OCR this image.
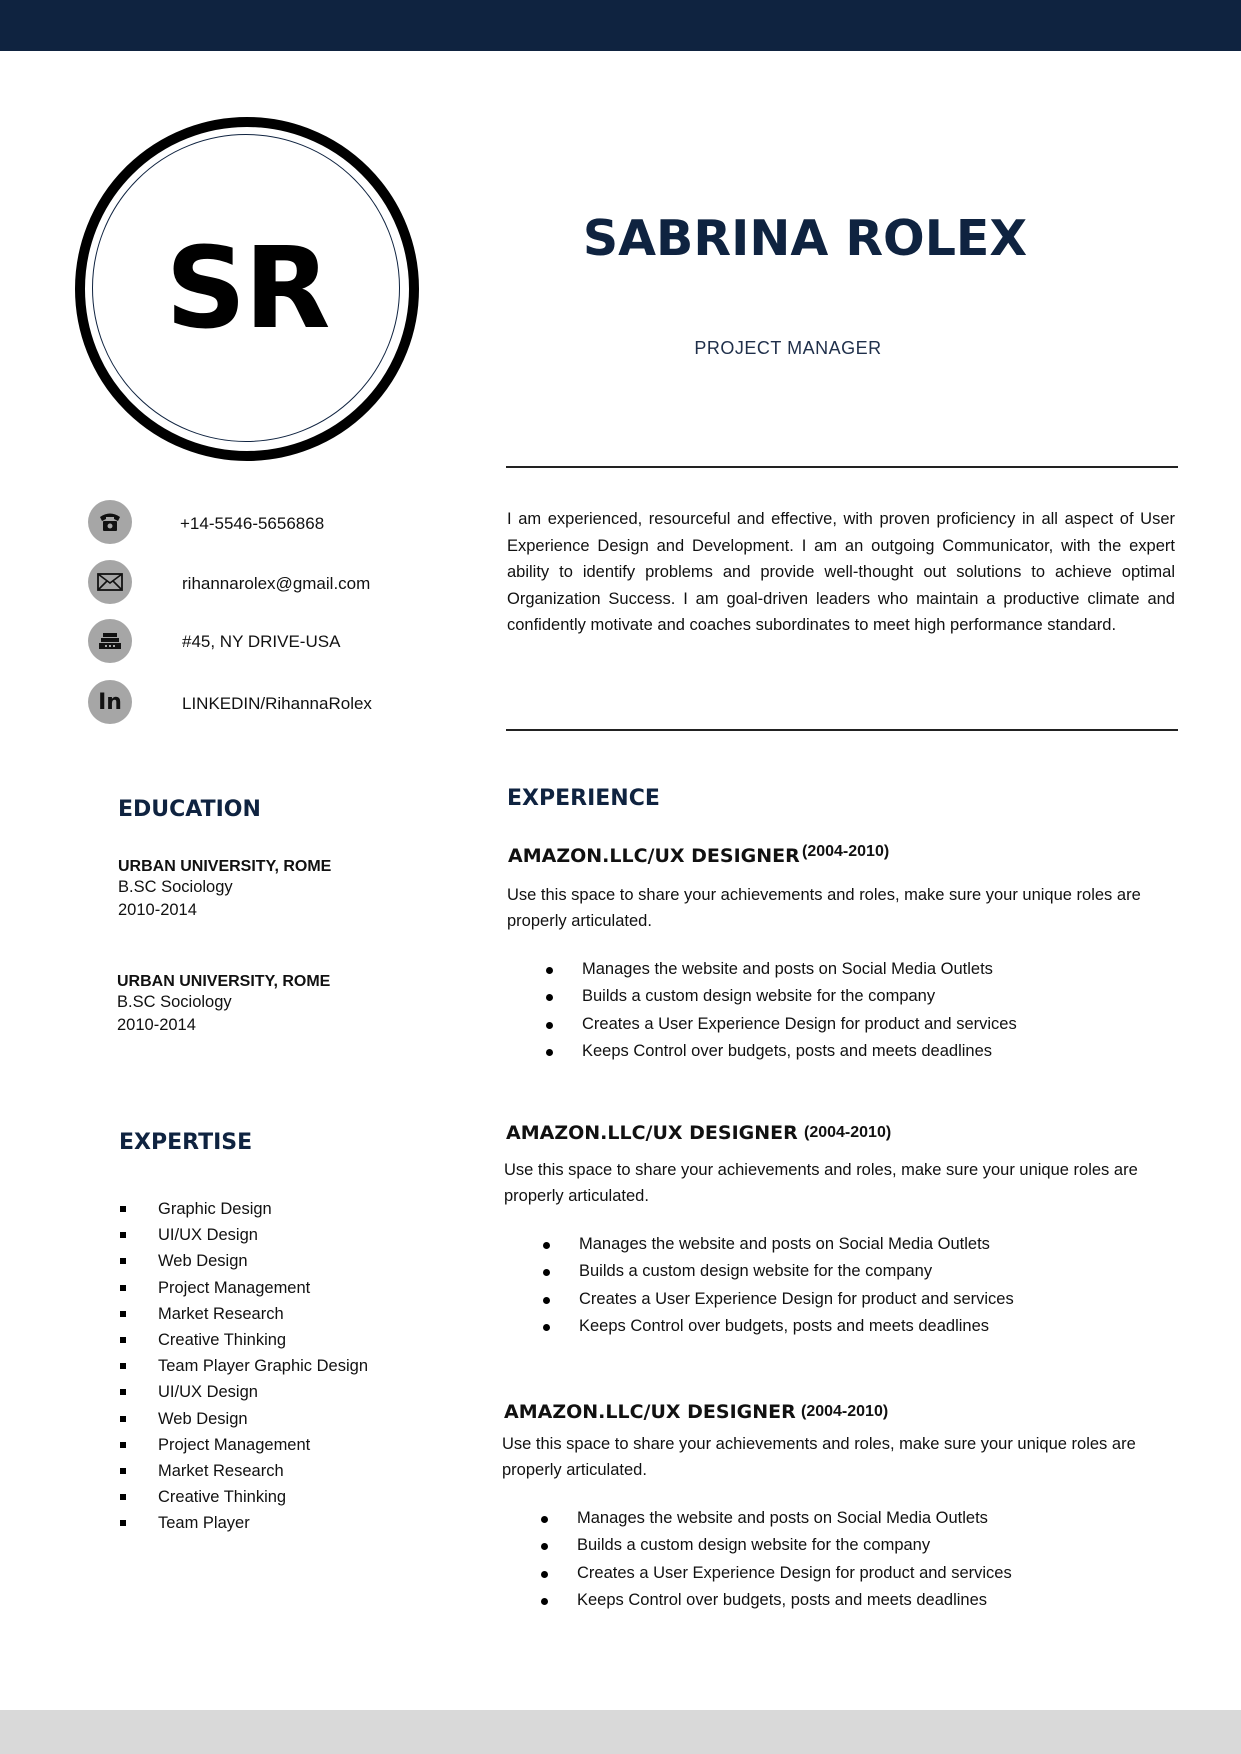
SR	SABRINA ROLEX
PROJECT MANAGER
+14-5546-5656868
rihannarolex@gmail.com
#45, NY DRIVE-USA
In	LINKEDIN/RihannaRolex
I am experienced, resourceful and effective, with proven proficiency in all aspect of User Experience Design and Development. I am an outgoing Communicator, with the expert ability to identify problems and provide well-thought out solutions to achieve optimal Organization Success. I am goal-driven leaders who maintain a productive climate and confidently motivate and coaches subordinates to meet high performance standard.
EDUCATION
URBAN UNIVERSITY, ROME
B.SC Sociology
2010-2014
URBAN UNIVERSITY, ROME
B.SC Sociology
2010-2014
EXPERTISE
Graphic Design
UI/UX Design
Web Design
Project Management
Market Research
Creative Thinking
Team Player Graphic Design
UI/UX Design
Web Design
Project Management
Market Research
Creative Thinking
Team Player
EXPERIENCE
AMAZON.LLC/UX DESIGNER (2004-2010)
Use this space to share your achievements and roles, make sure your unique roles are properly articulated.
Manages the website and posts on Social Media Outlets
Builds a custom design website for the company
Creates a User Experience Design for product and services
Keeps Control over budgets, posts and meets deadlines
AMAZON.LLC/UX DESIGNER (2004-2010)
Use this space to share your achievements and roles, make sure your unique roles are properly articulated.
Manages the website and posts on Social Media Outlets
Builds a custom design website for the company
Creates a User Experience Design for product and services
Keeps Control over budgets, posts and meets deadlines
AMAZON.LLC/UX DESIGNER (2004-2010)
Use this space to share your achievements and roles, make sure your unique roles are properly articulated.
Manages the website and posts on Social Media Outlets
Builds a custom design website for the company
Creates a User Experience Design for product and services
Keeps Control over budgets, posts and meets deadlines
